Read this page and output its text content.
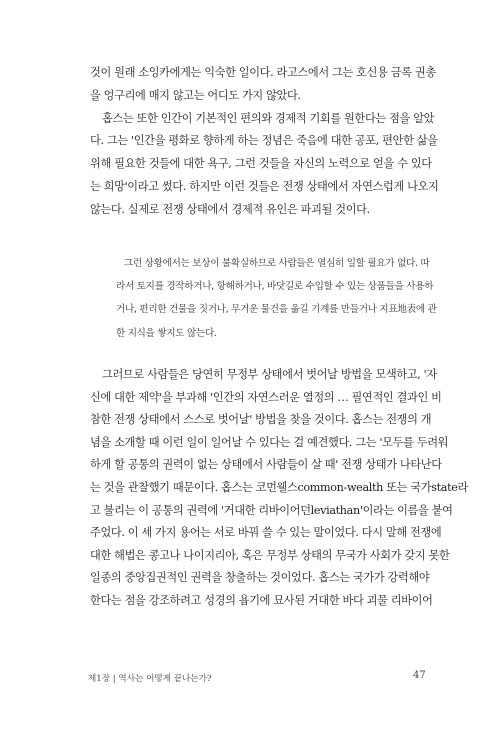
것이 원래 소잉카에게는 익숙한 일이다. 라고스에서 그는 호신용 금록 권총
을 엉구리에 매지 않고는 어디도 가지 않았다.
홉스는 또한 인간이 기본적인 편의와 경제적 기회를 원한다는 점을 알았
다. 그는 '인간을 평화로 향하게 하는 정념은 죽음에 대한 공포, 편안한 삶을
위해 필요한 것들에 대한 욕구, 그런 것들을 자신의 노력으로 얻을 수 있다
는 희망'이라고 썼다. 하지만 이런 것들은 전쟁 상태에서 자연스럽게 나오지
않는다. 실제로 전쟁 상태에서 경제적 유인은 파괴될 것이다.
그런 상황에서는 보상이 불확실하므로 사람들은 열심히 일할 필요가 없다. 따
라서 토지를 경작하거나, 항해하거나, 바닷길로 수입할 수 있는 상품들을 사용하
거나, 편리한 건물을 짓거나, 무거운 물건을 옮길 기계를 만들거나 지표地表에 관
한 지식을 쌓지도 않는다.
그러므로 사람들은 당연히 무정부 상태에서 벗어날 방법을 모색하고, '자
신에 대한 제약'을 부과해 '인간의 자연스러운 열정의 … 필연적인 결과인 비
참한 전쟁 상태에서 스스로 벗어날' 방법을 찾을 것이다. 홉스는 전쟁의 개
념을 소개할 때 이런 일이 일어날 수 있다는 걸 예견했다. 그는 '모두를 두려워
하게 할 공통의 권력이 없는 상태에서 사람들이 살 때' 전쟁 상태가 나타난다
는 것을 관찰했기 때문이다. 홉스는 코먼웰스common-wealth 또는 국가state라
고 불리는 이 공통의 권력에 '거대한 리바이어던leviathan'이라는 이름을 붙여
주었다. 이 세 가지 용어는 서로 바꿔 쓸 수 있는 말이었다. 다시 말해 전쟁에
대한 해법은 콩고나 나이지리아, 혹은 무정부 상태의 무국가 사회가 갖지 못한
일종의 중앙집권적인 권력을 창출하는 것이었다. 홉스는 국가가 강력해야
한다는 점을 강조하려고 성경의 욥기에 묘사된 거대한 바다 괴물 리바이어
제1장 | 역사는 어떻게 끝나는가?	47
